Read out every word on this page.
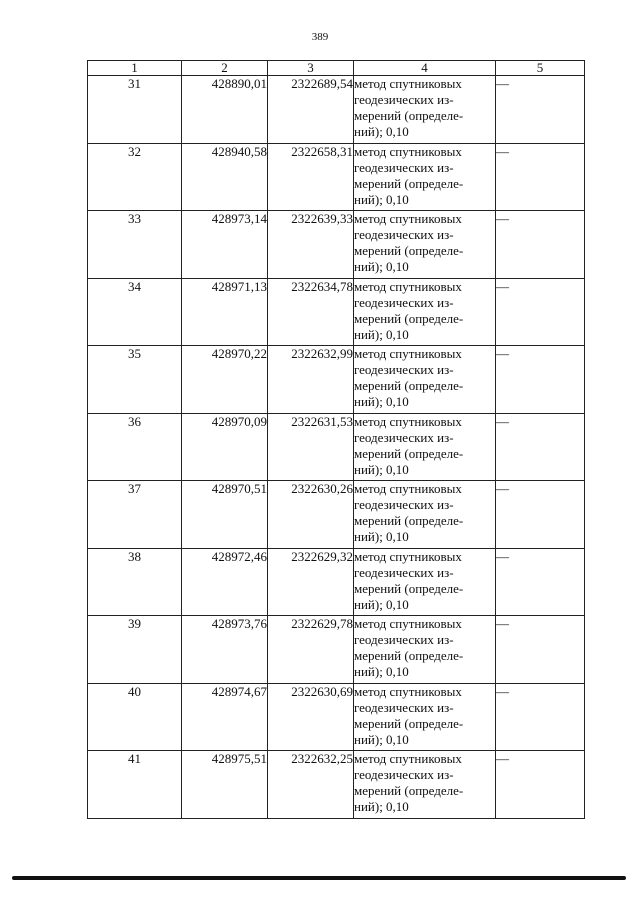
389
1	2	3	4	5
31	428890,01	2322689,54	метод спутниковых
геодезических из-
мерений (определе-
ний); 0,10	—
32	428940,58	2322658,31	метод спутниковых
геодезических из-
мерений (определе-
ний); 0,10	—
33	428973,14	2322639,33	метод спутниковых
геодезических из-
мерений (определе-
ний); 0,10	—
34	428971,13	2322634,78	метод спутниковых
геодезических из-
мерений (определе-
ний); 0,10	—
35	428970,22	2322632,99	метод спутниковых
геодезических из-
мерений (определе-
ний); 0,10	—
36	428970,09	2322631,53	метод спутниковых
геодезических из-
мерений (определе-
ний); 0,10	—
37	428970,51	2322630,26	метод спутниковых
геодезических из-
мерений (определе-
ний); 0,10	—
38	428972,46	2322629,32	метод спутниковых
геодезических из-
мерений (определе-
ний); 0,10	—
39	428973,76	2322629,78	метод спутниковых
геодезических из-
мерений (определе-
ний); 0,10	—
40	428974,67	2322630,69	метод спутниковых
геодезических из-
мерений (определе-
ний); 0,10	—
41	428975,51	2322632,25	метод спутниковых
геодезических из-
мерений (определе-
ний); 0,10	—
